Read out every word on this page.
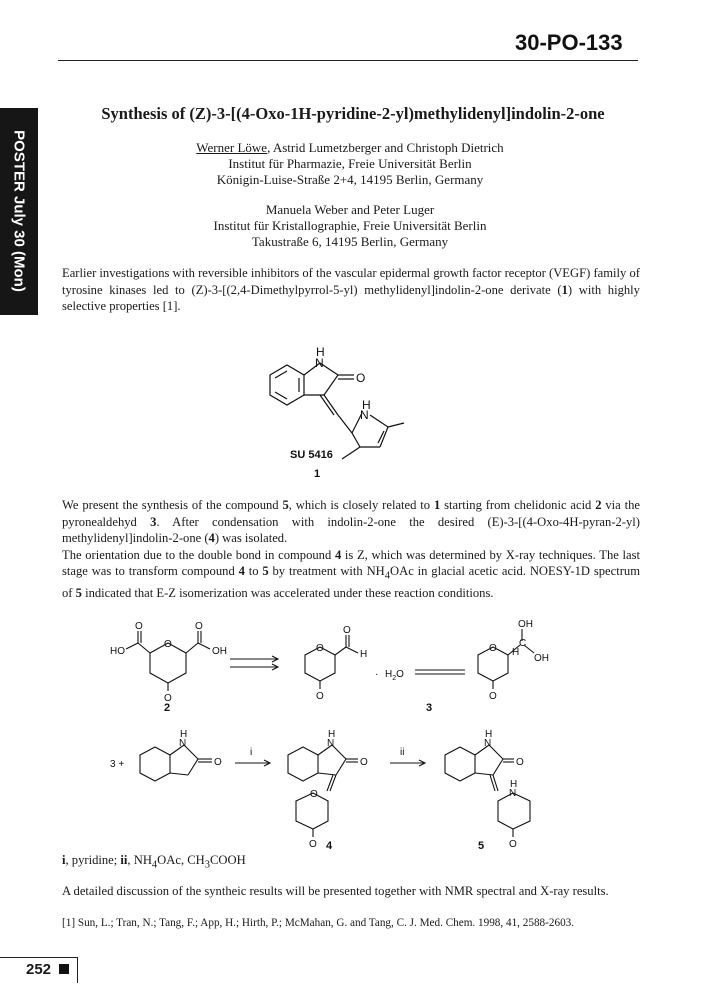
30-PO-133
POSTER July 30 (Mon)
Synthesis of (Z)-3-[(4-Oxo-1H-pyridine-2-yl)methylidenyl]indolin-2-one
Werner Löwe, Astrid Lumetzberger and Christoph Dietrich
Institut für Pharmazie, Freie Universität Berlin
Königin-Luise-Straße 2+4, 14195 Berlin, Germany
Manuela Weber and Peter Luger
Institut für Kristallographie, Freie Universität Berlin
Takustraße 6, 14195 Berlin, Germany

Earlier investigations with reversible inhibitors of the vascular epidermal growth factor receptor (VEGF) family of tyrosine kinases led to (Z)-3-[(2,4-Dimethylpyrrol-5-yl) methylidenyl]indolin-2-one derivate (1) with highly selective properties [1].

H
N
O
H
N
SU 5416
1

We present the synthesis of the compound 5, which is closely related to 1 starting from chelidonic acid 2 via the pyronealdehyd 3. After condensation with indolin-2-one the desired (E)-3-[(4-Oxo-4H-pyran-2-yl) methylidenyl]indolin-2-one (4) was isolated.

The orientation due to the double bond in compound 4 is Z, which was determined by X-ray techniques. The last stage was to transform compound 4 to 5 by treatment with $NH_4OAc$ in glacial acetic acid. NOESY-1D spectrum of 5 indicated that E-Z isomerization was accelerated under these reaction conditions.

HO	OH
O	O
O
O
O
O
H
O
· $H_2O$
O
OH
C
H
OH
O
3 +
H
N
O
i
H
N
O
O
O
ii
H
N
O
H
N
O
2	3
4	5
i, pyridine; ii, $NH_4OAc$, $CH_3COOH$
A detailed discussion of the syntheic results will be presented together with NMR spectral and X-ray results.
[1] Sun, L.; Tran, N.; Tang, F.; App, H.; Hirth, P.; McMahan, G. and Tang, C. J. Med. Chem. 1998, 41, 2588-2603.
252
